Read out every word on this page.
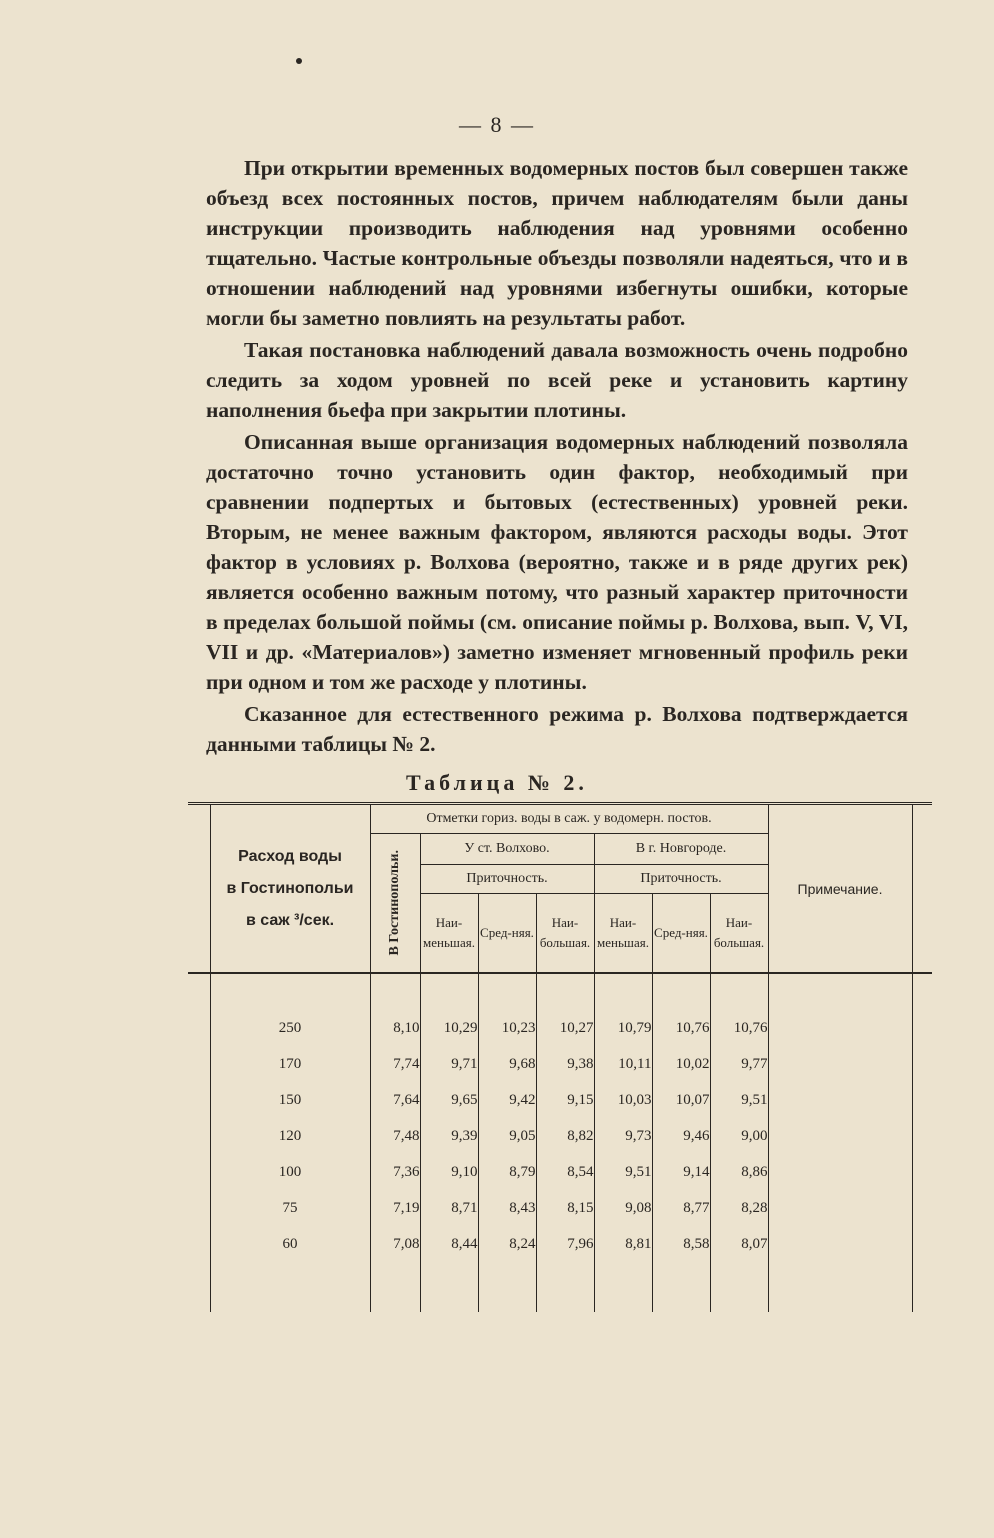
— 8 —

При открытии временных водомерных постов был совершен также объезд всех постоянных постов, причем наблюдателям были даны инструкции производить наблюдения над уровнями особенно тщательно. Частые контрольные объезды позволяли надеяться, что и в отношении наблюдений над уровнями избегнуты ошибки, которые могли бы заметно повлиять на результаты работ.

Такая постановка наблюдений давала возможность очень подробно следить за ходом уровней по всей реке и установить картину наполнения бьефа при закрытии плотины.

Описанная выше организация водомерных наблюдений позволяла достаточно точно установить один фактор, необходимый при сравнении подпертых и бытовых (естественных) уровней реки. Вторым, не менее важным фактором, являются расходы воды. Этот фактор в условиях р. Волхова (вероятно, также и в ряде других рек) является особенно важным потому, что разный характер приточности в пределах большой поймы (см. описание поймы р. Волхова, вып. V, VI, VII и др. «Материалов») заметно изменяет мгновенный профиль реки при одном и том же расходе у плотины.

Сказанное для естественного режима р. Волхова подтверждается данными таблицы № 2.

Таблица № 2.

	Расход воды
в Гостинопольи
в саж ³/сек.	Отметки гориз. воды в саж. у водомерн. постов.							Примечание.	

		В Гостинопольи.	У ст. Волхово.			В г. Новгороде.				
			Приточность.			Приточность.				
			Наи-меньшая.	Сред-няя.	Наи-большая.	Наи-меньшая.	Сред-няя.	Наи-большая.		

	250	8,10	10,29	10,23	10,27	10,79	10,76	10,76		
	170	7,74	9,71	9,68	9,38	10,11	10,02	9,77		
	150	7,64	9,65	9,42	9,15	10,03	10,07	9,51		
	120	7,48	9,39	9,05	8,82	9,73	9,46	9,00		
	100	7,36	9,10	8,79	8,54	9,51	9,14	8,86		
	75	7,19	8,71	8,43	8,15	9,08	8,77	8,28		
	60	7,08	8,44	8,24	7,96	8,81	8,58	8,07		
